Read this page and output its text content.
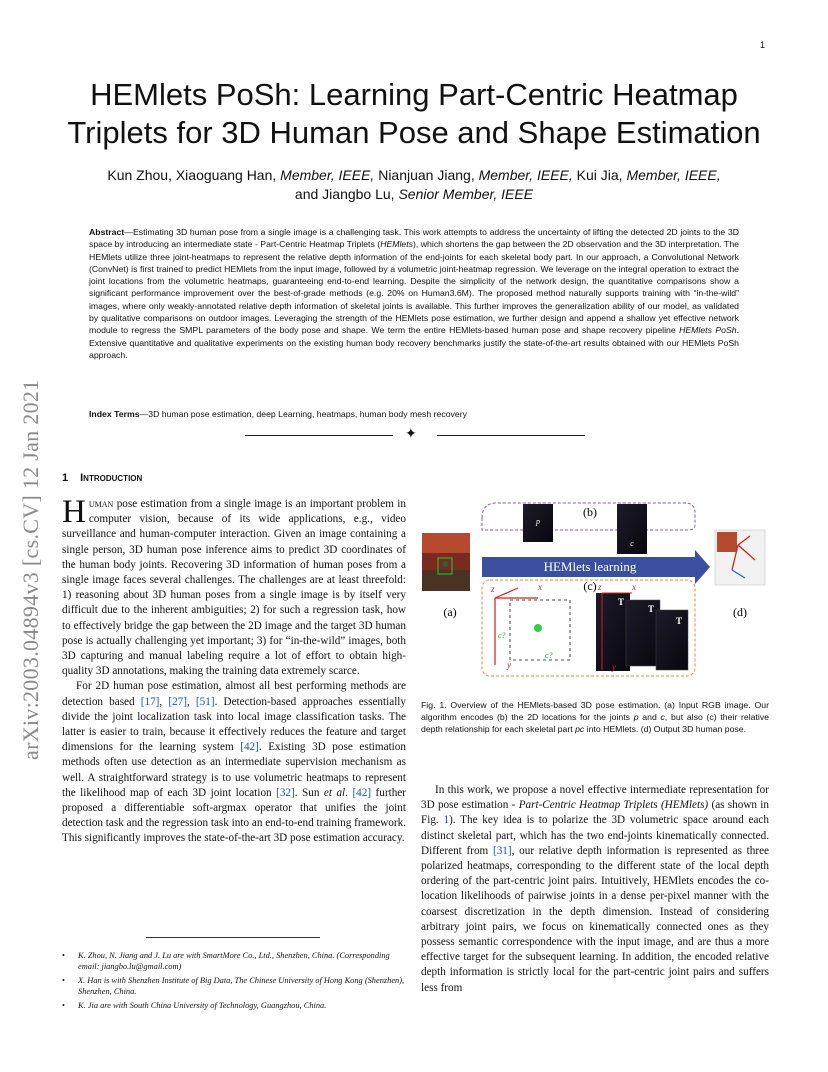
1
arXiv:2003.04894v3 [cs.CV] 12 Jan 2021
HEMlets PoSh: Learning Part-Centric Heatmap Triplets for 3D Human Pose and Shape Estimation
Kun Zhou, Xiaoguang Han, Member, IEEE, Nianjuan Jiang, Member, IEEE, Kui Jia, Member, IEEE,
and Jiangbo Lu, Senior Member, IEEE
Abstract—Estimating 3D human pose from a single image is a challenging task. This work attempts to address the uncertainty of lifting the detected 2D joints to the 3D space by introducing an intermediate state - Part-Centric Heatmap Triplets (HEMlets), which shortens the gap between the 2D observation and the 3D interpretation. The HEMlets utilize three joint-heatmaps to represent the relative depth information of the end-joints for each skeletal body part. In our approach, a Convolutional Network (ConvNet) is first trained to predict HEMlets from the input image, followed by a volumetric joint-heatmap regression. We leverage on the integral operation to extract the joint locations from the volumetric heatmaps, guaranteeing end-to-end learning. Despite the simplicity of the network design, the quantitative comparisons show a significant performance improvement over the best-of-grade methods (e.g. 20% on Human3.6M). The proposed method naturally supports training with “in-the-wild” images, where only weakly-annotated relative depth information of skeletal joints is available. This further improves the generalization ability of our model, as validated by qualitative comparisons on outdoor images. Leveraging the strength of the HEMlets pose estimation, we further design and append a shallow yet effective network module to regress the SMPL parameters of the body pose and shape. We term the entire HEMlets-based human pose and shape recovery pipeline HEMlets PoSh. Extensive quantitative and qualitative experiments on the existing human body recovery benchmarks justify the state-of-the-art results obtained with our HEMlets PoSh approach.
Index Terms—3D human pose estimation, deep Learning, heatmaps, human body mesh recovery
✦
1 Introduction

Human pose estimation from a single image is an important problem in computer vision, because of its wide applications, e.g., video surveillance and human-computer interaction. Given an image containing a single person, 3D human pose inference aims to predict 3D coordinates of the human body joints. Recovering 3D information of human poses from a single image faces several challenges. The challenges are at least threefold: 1) reasoning about 3D human poses from a single image is by itself very difficult due to the inherent ambiguities; 2) for such a regression task, how to effectively bridge the gap between the 2D image and the target 3D human pose is actually challenging yet important; 3) for “in-the-wild” images, both 3D capturing and manual labeling require a lot of effort to obtain high-quality 3D annotations, making the training data extremely scarce.

For 2D human pose estimation, almost all best performing methods are detection based [17], [27], [51]. Detection-based approaches essentially divide the joint localization task into local image classification tasks. The latter is easier to train, because it effectively reduces the feature and target dimensions for the learning system [42]. Existing 3D pose estimation methods often use detection as an intermediate supervision mechanism as well. A straightforward strategy is to use volumetric heatmaps to represent the likelihood map of each 3D joint location [32]. Sun et al. [42] further proposed a differentiable soft-argmax operator that unifies the joint detection task and the regression task into an end-to-end training framework. This significantly improves the state-of-the-art 3D pose estimation accuracy.

• K. Zhou, N. Jiang and J. Lu are with SmartMore Co., Ltd., Shenzhen, China. (Corresponding email: jiangbo.lu@gmail.com)
• X. Han is with Shenzhen Institute of Big Data, The Chinese University of Hong Kong (Shenzhen), Shenzhen, China.
• K. Jia are with South China University of Technology, Guangzhou, China.
(a)
p
c
(b)
HEMlets learning
(c)
z	x
y
c?
c?
T
T
T
z	x
y
(d)
Fig. 1. Overview of the HEMlets-based 3D pose estimation. (a) Input RGB image. Our algorithm encodes (b) the 2D locations for the joints p and c, but also (c) their relative depth relationship for each skeletal part pc into HEMlets. (d) Output 3D human pose.

In this work, we propose a novel effective intermediate representation for 3D pose estimation - Part-Centric Heatmap Triplets (HEMlets) (as shown in Fig. 1). The key idea is to polarize the 3D volumetric space around each distinct skeletal part, which has the two end-joints kinematically connected. Different from [31], our relative depth information is represented as three polarized heatmaps, corresponding to the different state of the local depth ordering of the part-centric joint pairs. Intuitively, HEMlets encodes the co-location likelihoods of pairwise joints in a dense per-pixel manner with the coarsest discretization in the depth dimension. Instead of considering arbitrary joint pairs, we focus on kinematically connected ones as they possess semantic correspondence with the input image, and are thus a more effective target for the subsequent learning. In addition, the encoded relative depth information is strictly local for the part-centric joint pairs and suffers less from
